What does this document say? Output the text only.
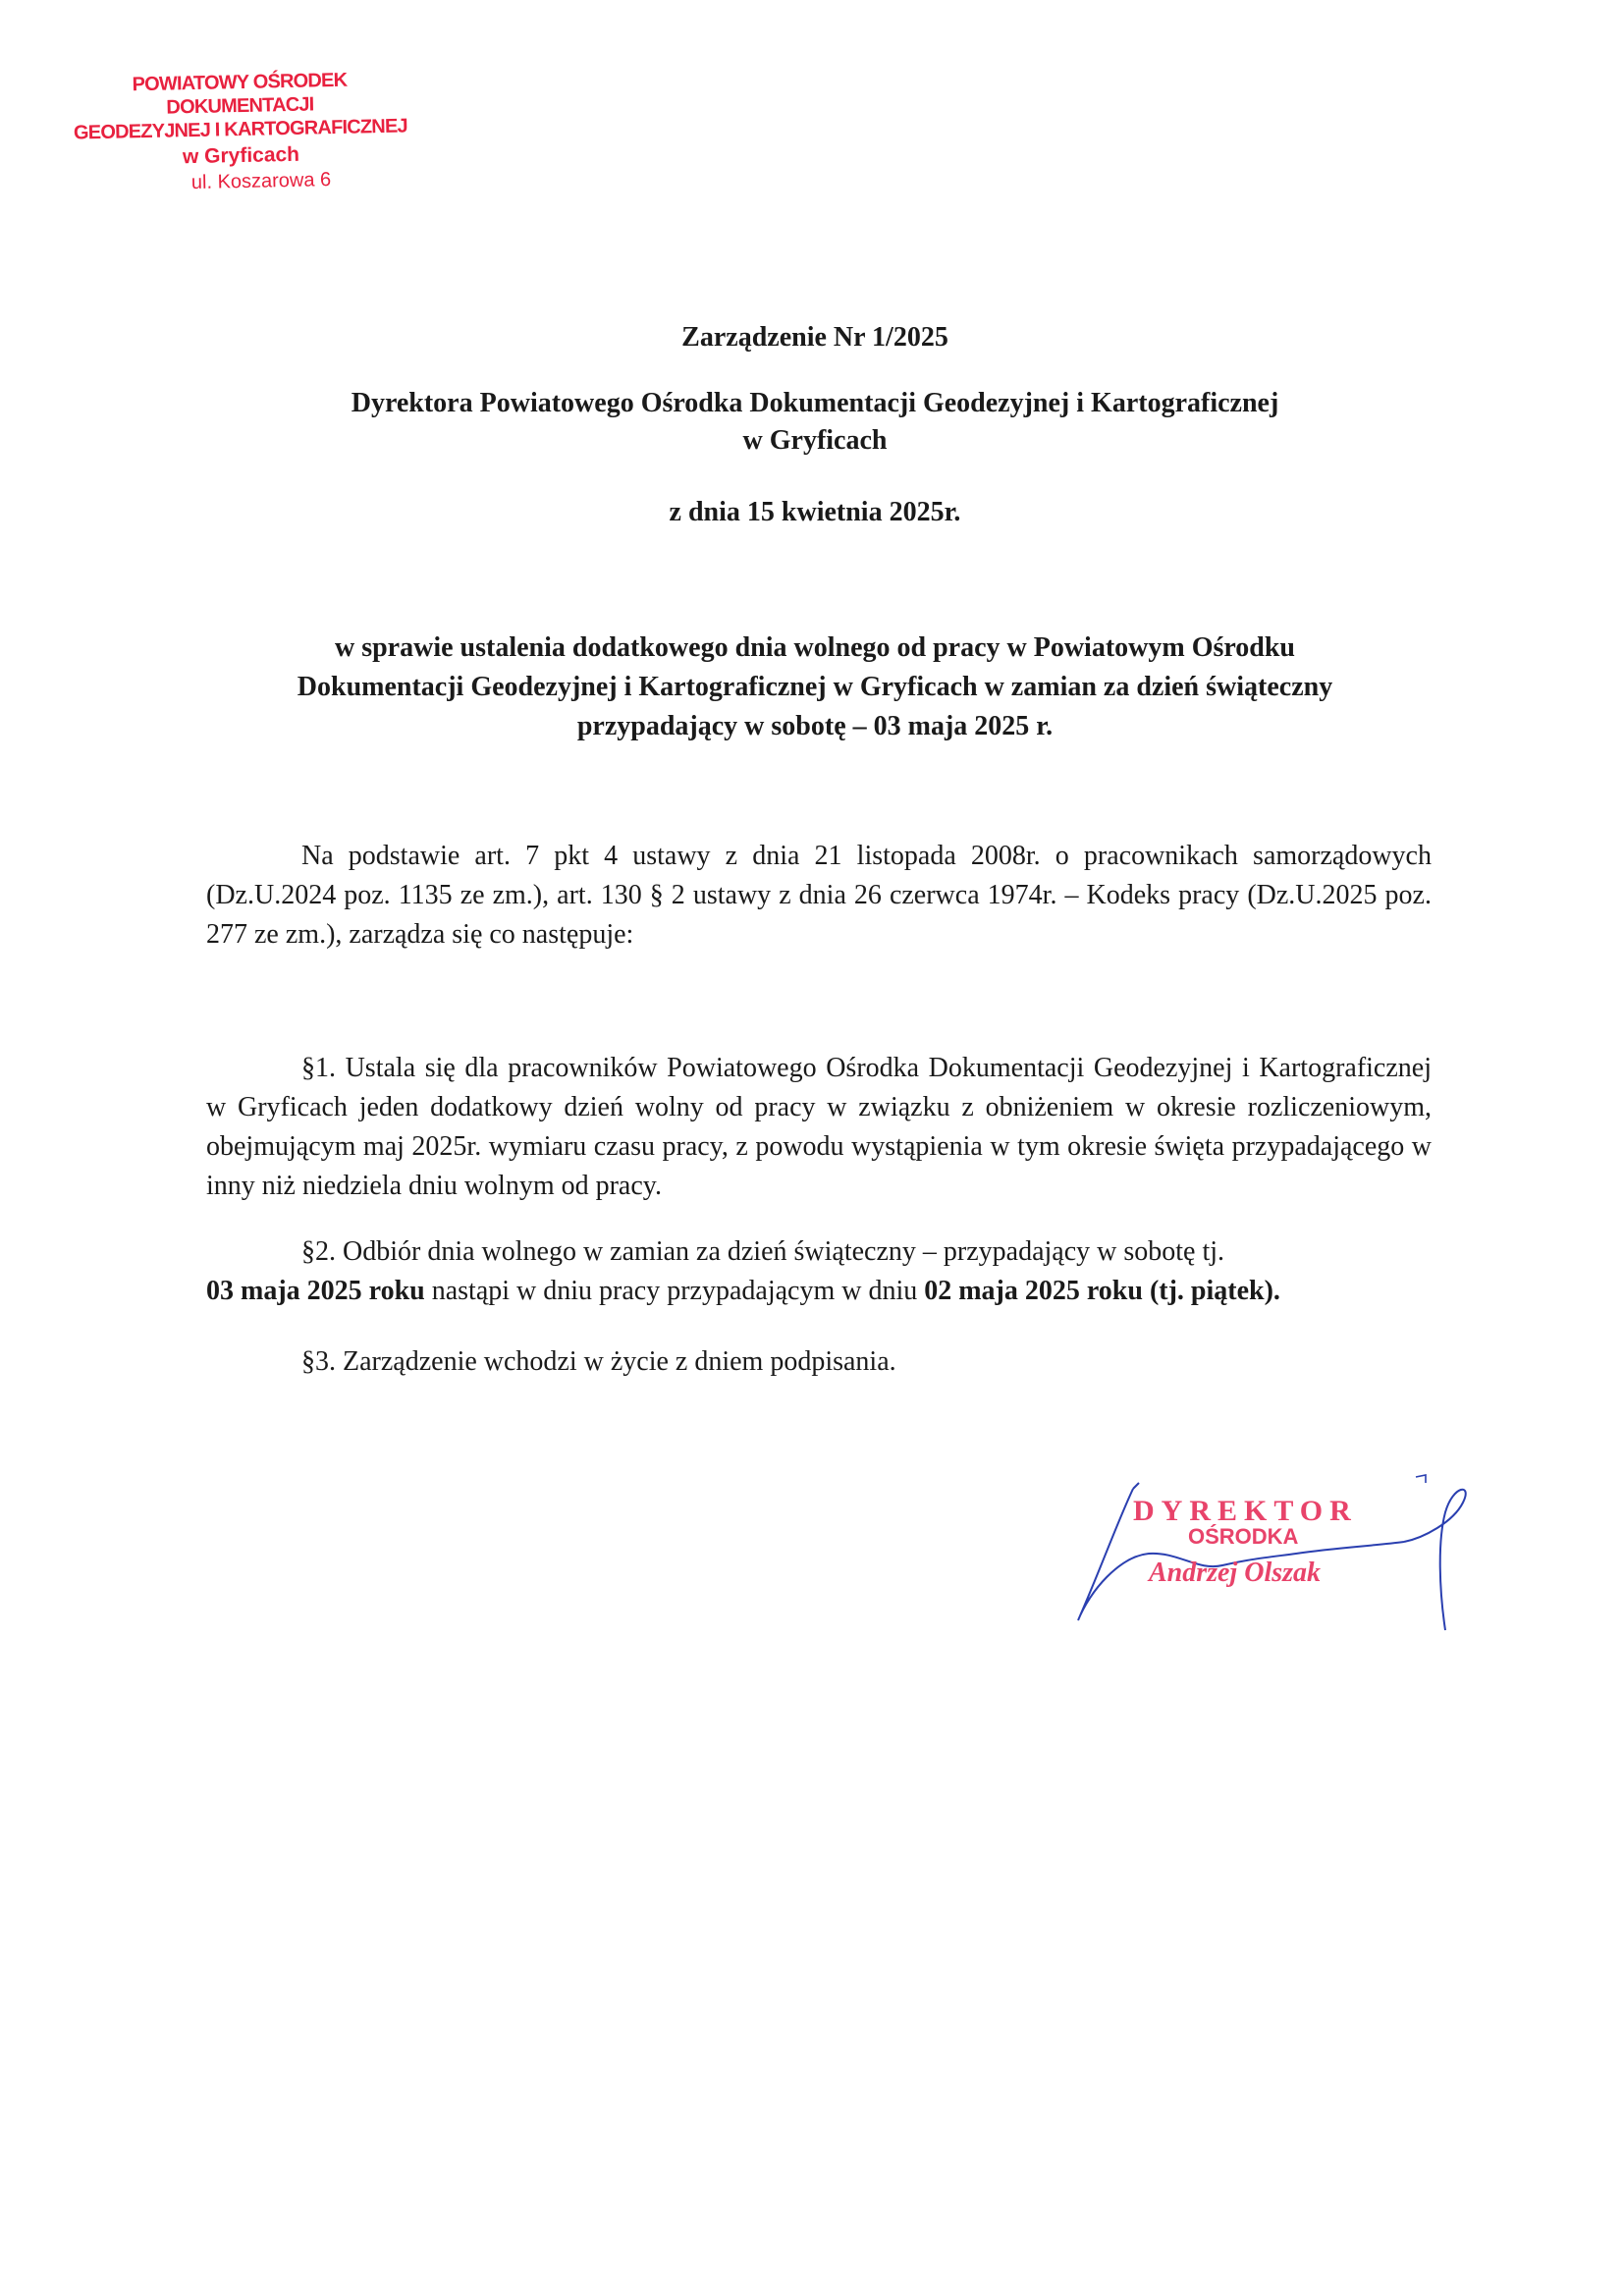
POWIATOWY OŚRODEK DOKUMENTACJI
GEODEZYJNEJ I KARTOGRAFICZNEJ
w Gryficach
ul. Koszarowa 6
Zarządzenie Nr 1/2025
Dyrektora Powiatowego Ośrodka Dokumentacji Geodezyjnej i Kartograficznej
w Gryficach
z dnia 15 kwietnia 2025r.
w sprawie ustalenia dodatkowego dnia wolnego od pracy w Powiatowym Ośrodku
Dokumentacji Geodezyjnej i Kartograficznej w Gryficach w zamian za dzień świąteczny
przypadający w sobotę – 03 maja 2025 r.
Na podstawie art. 7 pkt 4 ustawy z dnia 21 listopada 2008r. o pracownikach samorządowych (Dz.U.2024 poz. 1135 ze zm.), art. 130 § 2 ustawy z dnia 26 czerwca 1974r. – Kodeks pracy (Dz.U.2025 poz. 277 ze zm.), zarządza się co następuje:
§1. Ustala się dla pracowników Powiatowego Ośrodka Dokumentacji Geodezyjnej i Kartograficznej w Gryficach jeden dodatkowy dzień wolny od pracy w związku z obniżeniem w okresie rozliczeniowym, obejmującym maj 2025r. wymiaru czasu pracy, z powodu wystąpienia w tym okresie święta przypadającego w inny niż niedziela dniu wolnym od pracy.
§2. Odbiór dnia wolnego w zamian za dzień świąteczny – przypadający w sobotę tj.
03 maja 2025 roku nastąpi w dniu pracy przypadającym w dniu 02 maja 2025 roku (tj. piątek).
§3. Zarządzenie wchodzi w życie z dniem podpisania.
DYREKTOR
OŚRODKA
Andrzej Olszak
